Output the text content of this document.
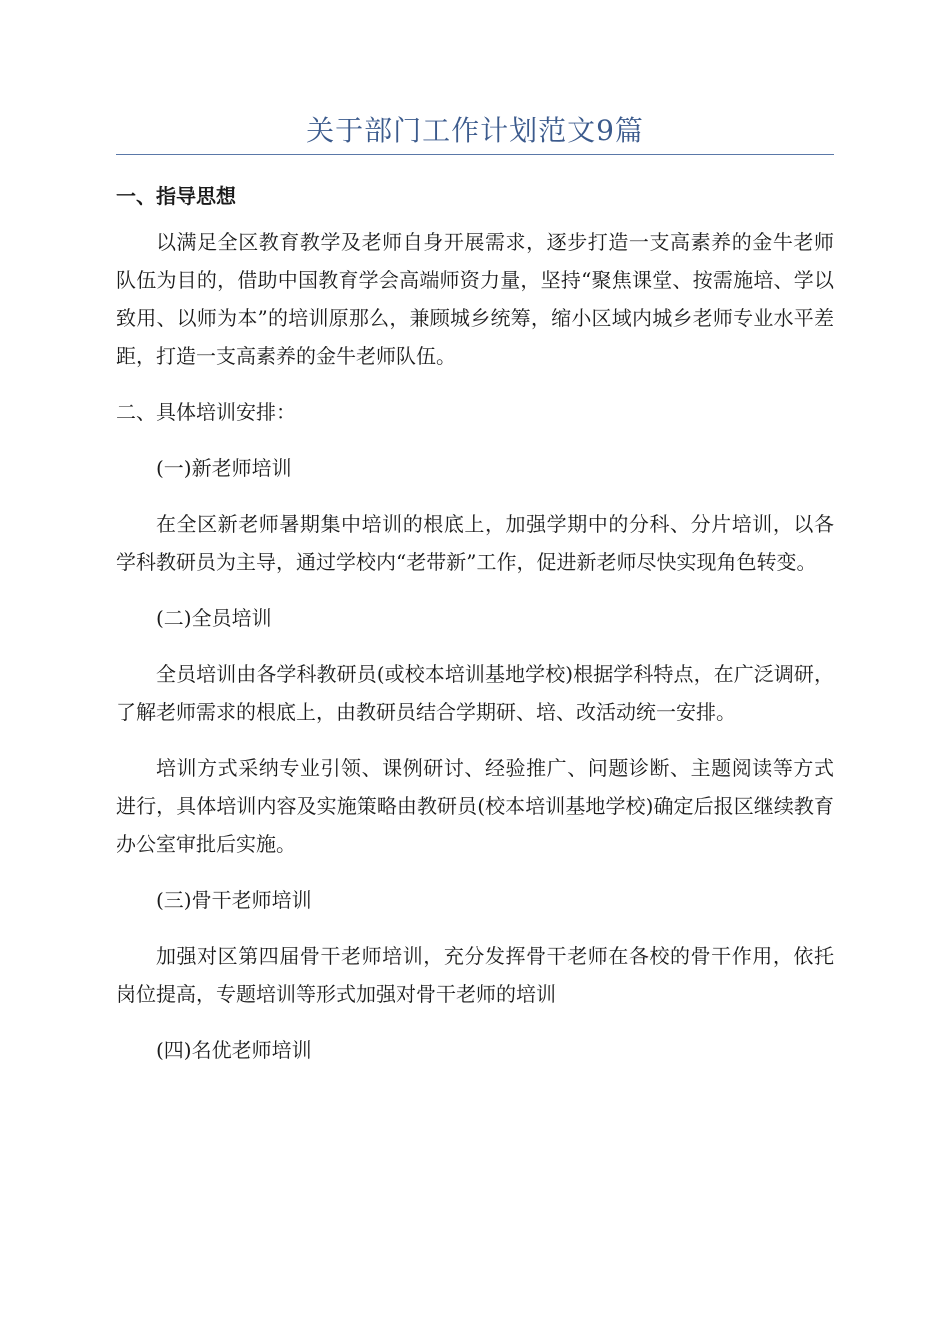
关于部门工作计划范文9篇
一、指导思想

以满足全区教育教学及老师自身开展需求，逐步打造一支高素养的金牛老师队伍为目的，借助中国教育学会高端师资力量，坚持“聚焦课堂、按需施培、学以致用、以师为本”的培训原那么，兼顾城乡统筹，缩小区域内城乡老师专业水平差距，打造一支高素养的金牛老师队伍。

二、具体培训安排：
(一)新老师培训

在全区新老师暑期集中培训的根底上，加强学期中的分科、分片培训，以各学科教研员为主导，通过学校内“老带新”工作，促进新老师尽快实现角色转变。

(二)全员培训

全员培训由各学科教研员(或校本培训基地学校)根据学科特点，在广泛调研，了解老师需求的根底上，由教研员结合学期研、培、改活动统一安排。

培训方式采纳专业引领、课例研讨、经验推广、问题诊断、主题阅读等方式进行，具体培训内容及实施策略由教研员(校本培训基地学校)确定后报区继续教育办公室审批后实施。

(三)骨干老师培训

加强对区第四届骨干老师培训，充分发挥骨干老师在各校的骨干作用，依托岗位提高，专题培训等形式加强对骨干老师的培训

(四)名优老师培训
